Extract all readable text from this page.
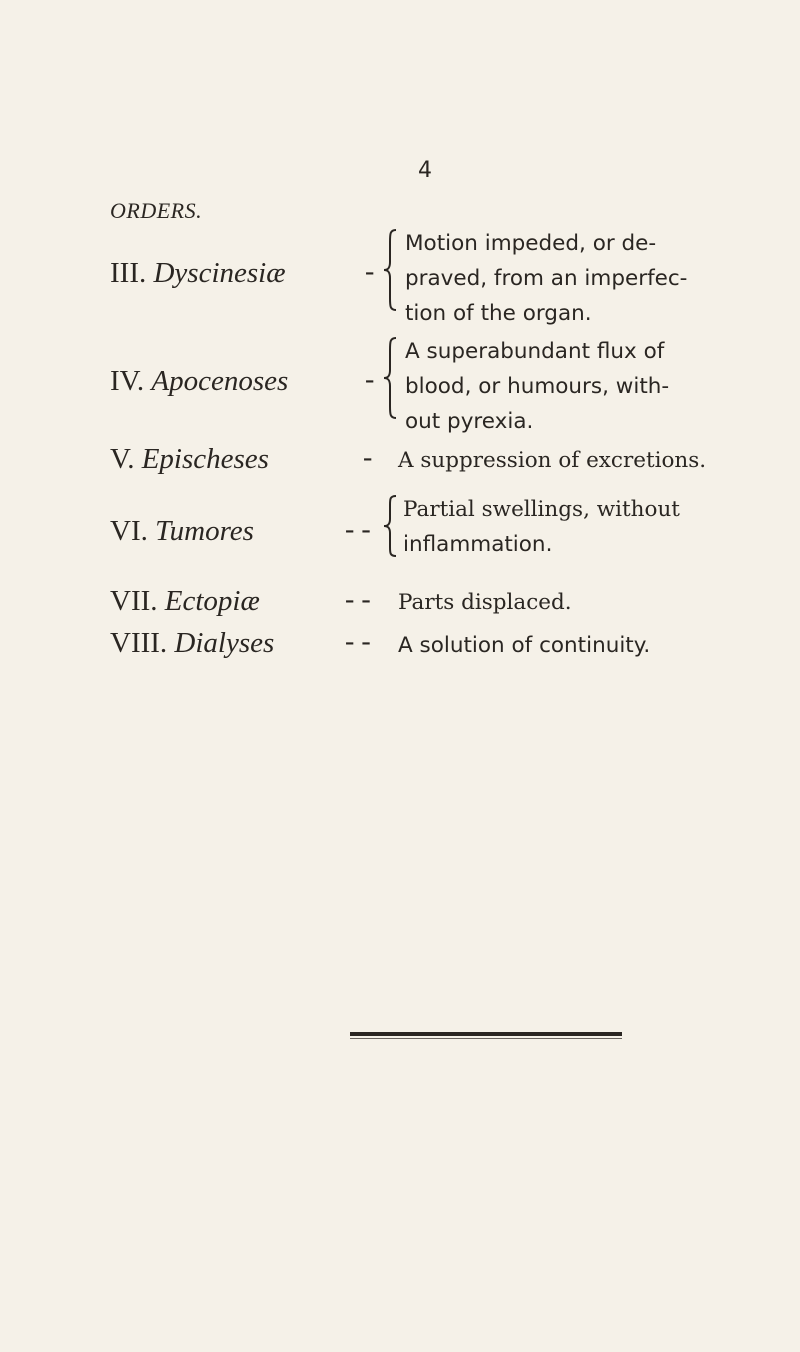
4
ORDERS.
III. Dyscinesiæ	-
Motion impeded, or de-
praved, from an imperfec-
tion of the organ.
IV. Apocenoses	-
A superabundant flux of
blood, or humours, with-
out pyrexia.
V. Epischeses	- A suppression of excretions.
VI. Tumores	- -
Partial swellings, without
inflammation.
VII. Ectopiæ	- - Parts displaced.
VIII. Dialyses	- - A solution of continuity.
